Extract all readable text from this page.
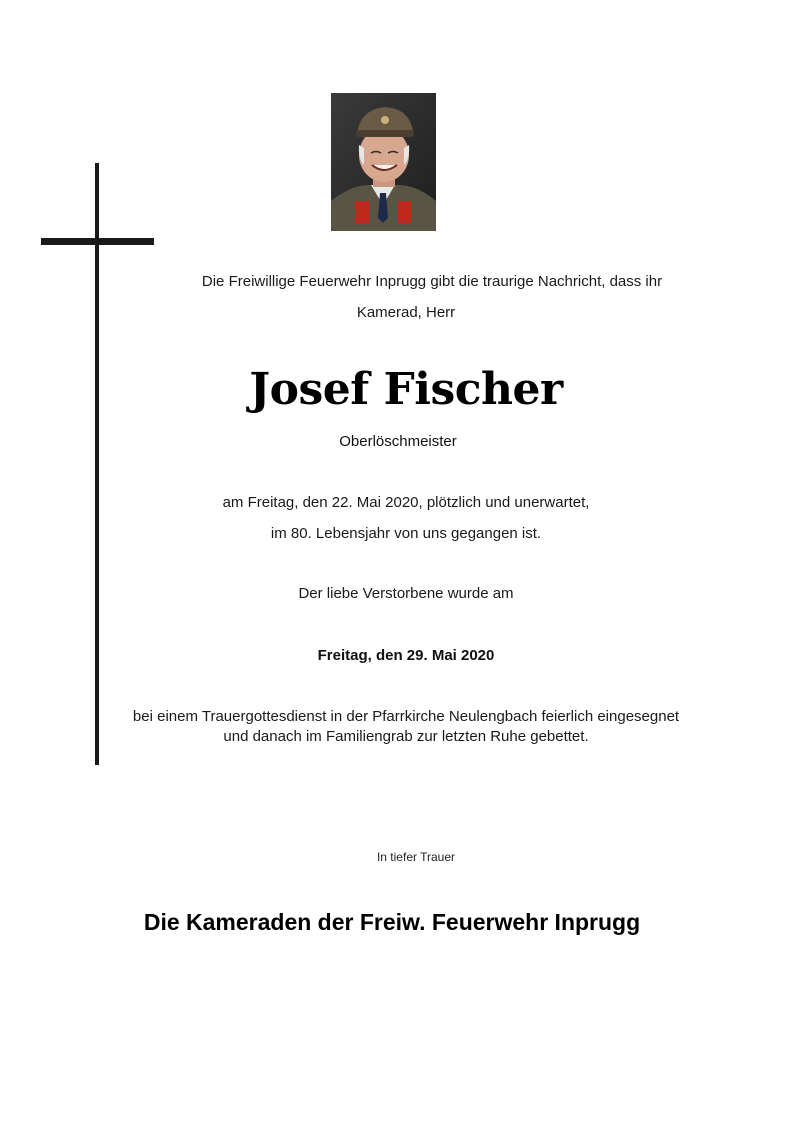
Die Freiwillige Feuerwehr Inprugg gibt die traurige Nachricht, dass ihr
Kamerad, Herr
Josef Fischer
Oberlöschmeister
am Freitag, den 22. Mai 2020, plötzlich und unerwartet,
im 80. Lebensjahr von uns gegangen ist.
Der liebe Verstorbene wurde am
Freitag, den 29. Mai 2020
bei einem Trauergottesdienst in der Pfarrkirche Neulengbach feierlich eingesegnet
und danach im Familiengrab zur letzten Ruhe gebettet.
In tiefer Trauer
Die Kameraden der Freiw. Feuerwehr Inprugg
